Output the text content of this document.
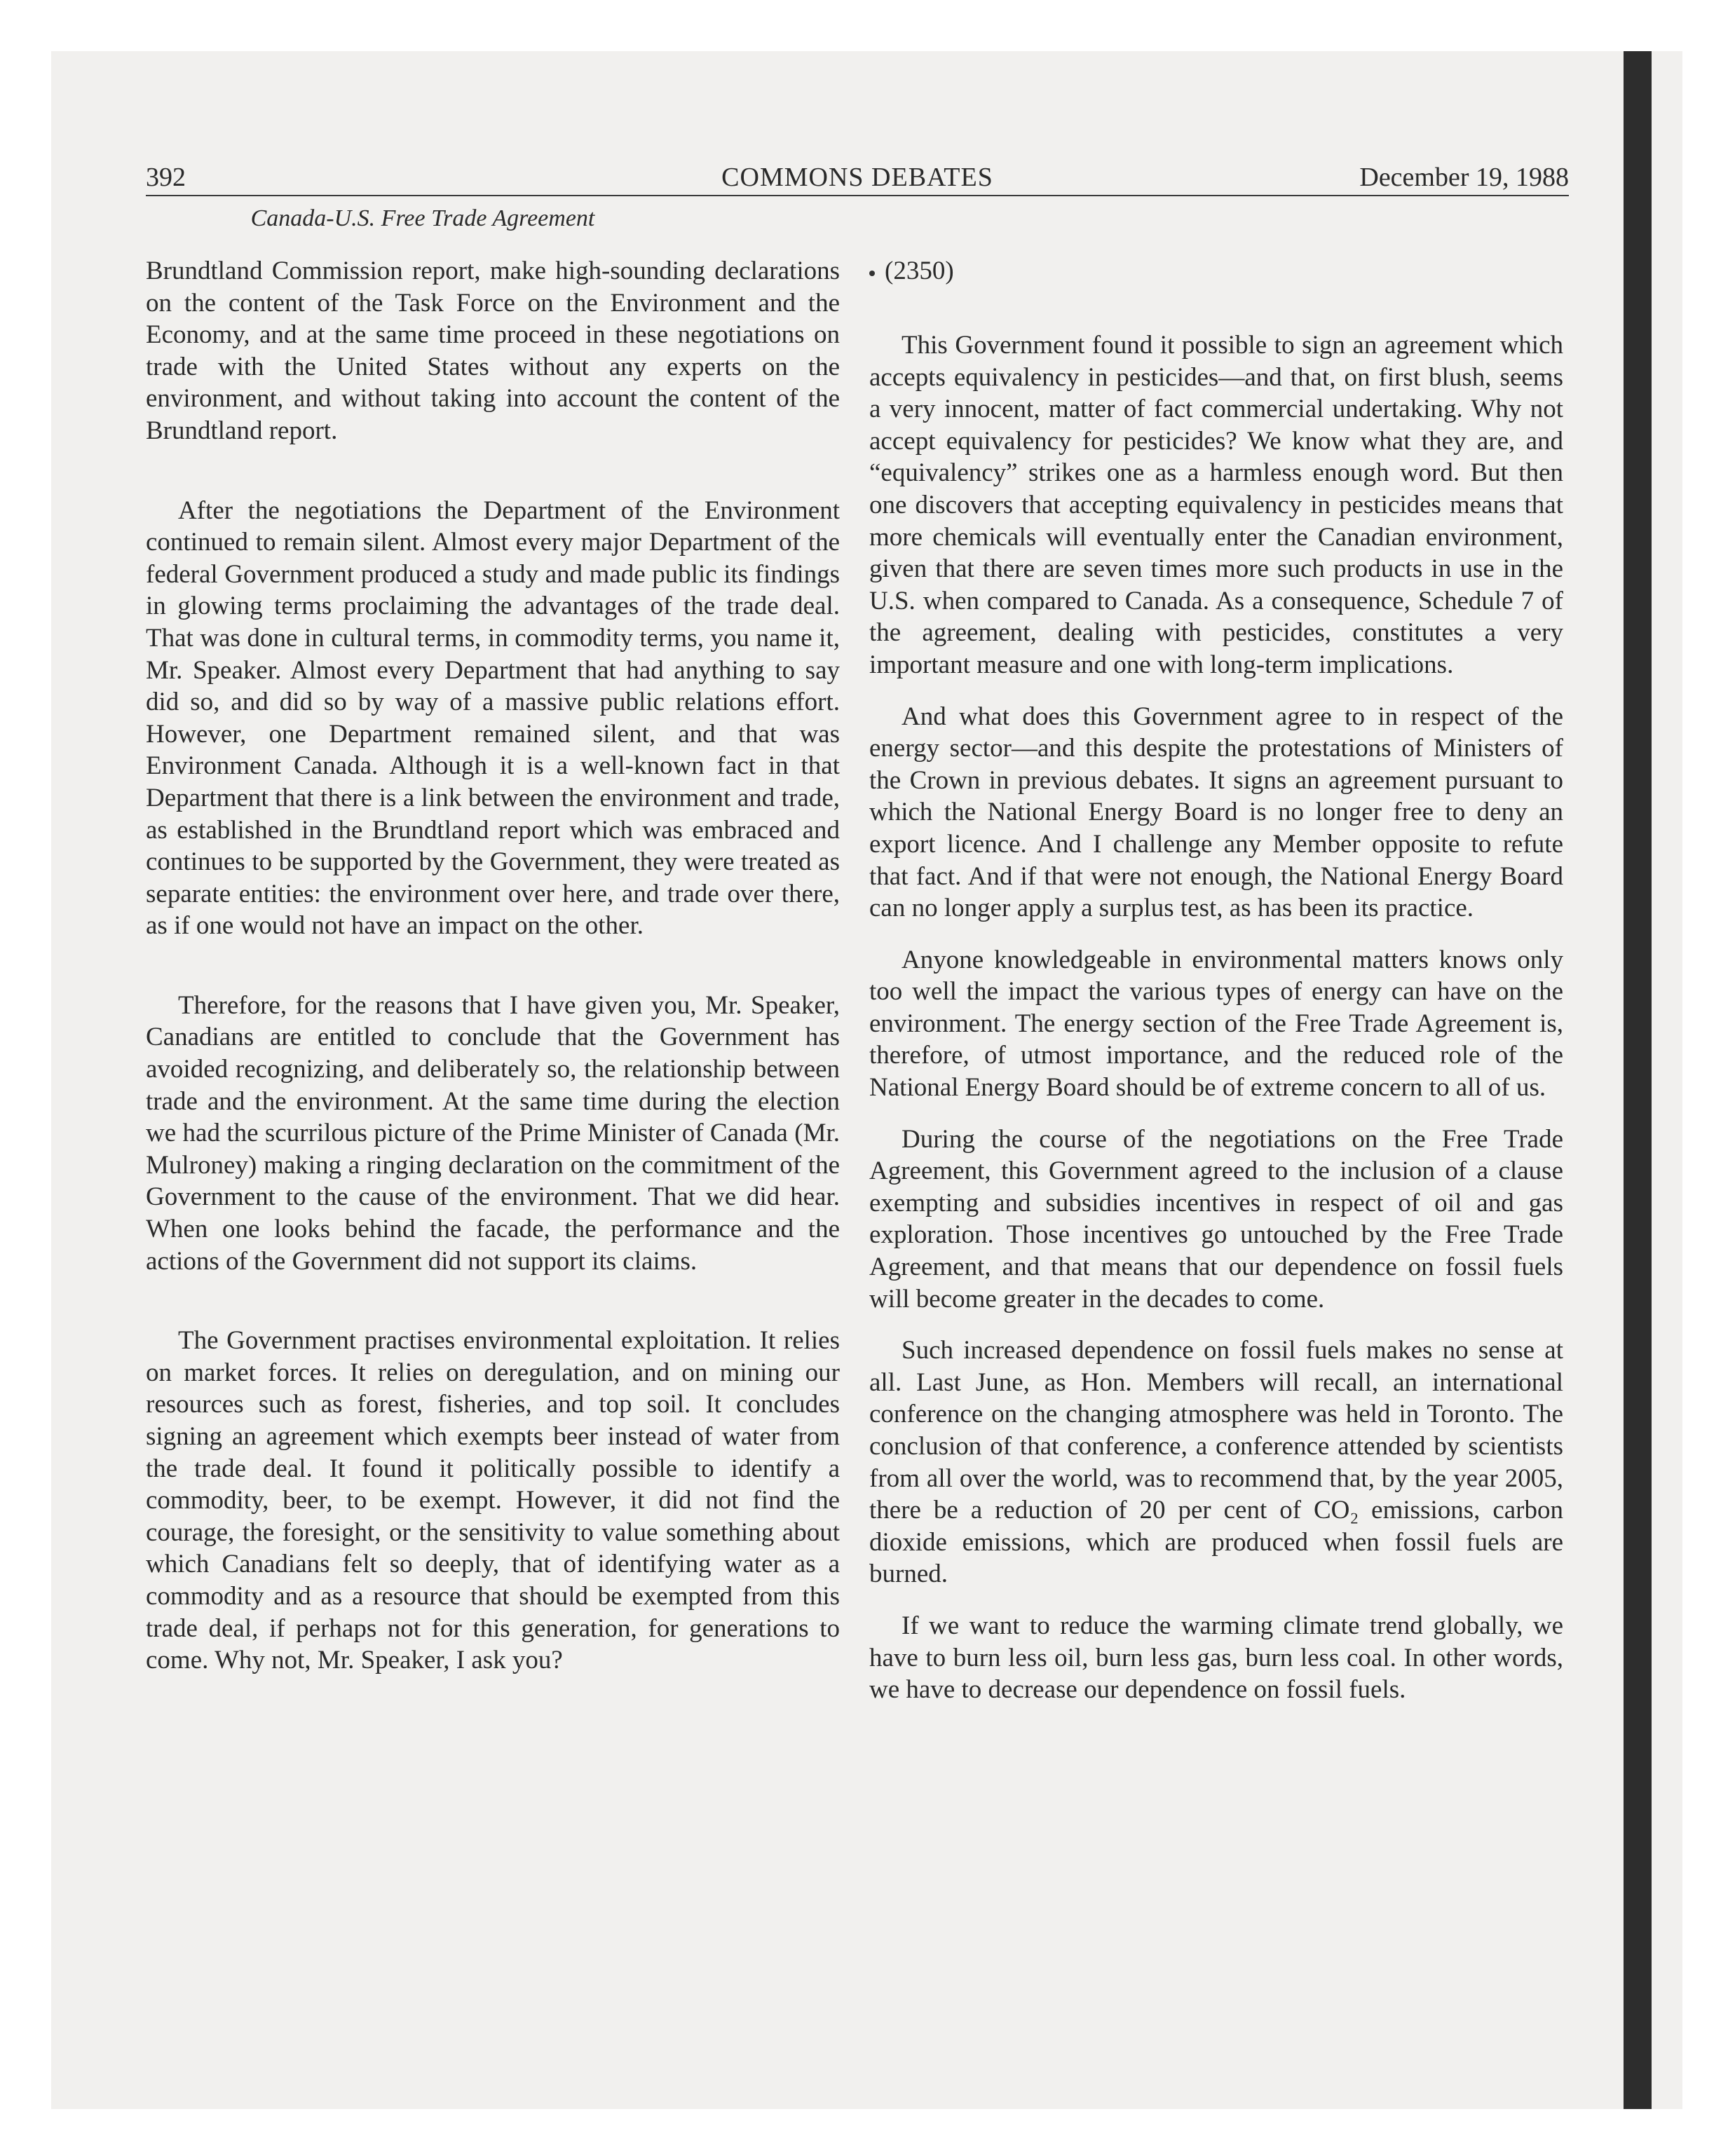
392	COMMONS DEBATES	December 19, 1988
Canada-U.S. Free Trade Agreement

Brundtland Commission report, make high-sounding declarations on the content of the Task Force on the Environment and the Economy, and at the same time proceed in these negotiations on trade with the United States without any experts on the environment, and without taking into account the content of the Brundtland report.

After the negotiations the Department of the Environment continued to remain silent. Almost every major Department of the federal Government produced a study and made public its findings in glowing terms proclaiming the advantages of the trade deal. That was done in cultural terms, in commodity terms, you name it, Mr. Speaker. Almost every Department that had anything to say did so, and did so by way of a massive public relations effort. However, one Department remained silent, and that was Environment Canada. Although it is a well-known fact in that Department that there is a link between the environment and trade, as established in the Brundtland report which was embraced and continues to be supported by the Government, they were treated as separate entities: the environment over here, and trade over there, as if one would not have an impact on the other.

Therefore, for the reasons that I have given you, Mr. Speaker, Canadians are entitled to conclude that the Government has avoided recognizing, and deliberately so, the relationship between trade and the environment. At the same time during the election we had the scurrilous picture of the Prime Minister of Canada (Mr. Mulroney) making a ringing declaration on the commitment of the Government to the cause of the environment. That we did hear. When one looks behind the facade, the performance and the actions of the Government did not support its claims.

The Government practises environmental exploitation. It relies on market forces. It relies on deregulation, and on mining our resources such as forest, fisheries, and top soil. It concludes signing an agreement which exempts beer instead of water from the trade deal. It found it politically possible to identify a commodity, beer, to be exempt. However, it did not find the courage, the foresight, or the sensitivity to value something about which Canadians felt so deeply, that of identifying water as a commodity and as a resource that should be exempted from this trade deal, if perhaps not for this generation, for generations to come. Why not, Mr. Speaker, I ask you?

(2350)

This Government found it possible to sign an agreement which accepts equivalency in pesticides—and that, on first blush, seems a very innocent, matter of fact commercial undertaking. Why not accept equivalency for pesticides? We know what they are, and “equivalency” strikes one as a harmless enough word. But then one discovers that accepting equivalency in pesticides means that more chemicals will eventually enter the Canadian environment, given that there are seven times more such products in use in the U.S. when compared to Canada. As a consequence, Schedule 7 of the agreement, dealing with pesticides, constitutes a very important measure and one with long-term implications.

And what does this Government agree to in respect of the energy sector—and this despite the protestations of Ministers of the Crown in previous debates. It signs an agreement pursuant to which the National Energy Board is no longer free to deny an export licence. And I challenge any Member opposite to refute that fact. And if that were not enough, the National Energy Board can no longer apply a surplus test, as has been its practice.

Anyone knowledgeable in environmental matters knows only too well the impact the various types of energy can have on the environment. The energy section of the Free Trade Agreement is, therefore, of utmost importance, and the reduced role of the National Energy Board should be of extreme concern to all of us.

During the course of the negotiations on the Free Trade Agreement, this Government agreed to the inclusion of a clause exempting and subsidies incentives in respect of oil and gas exploration. Those incentives go untouched by the Free Trade Agreement, and that means that our dependence on fossil fuels will become greater in the decades to come.

Such increased dependence on fossil fuels makes no sense at all. Last June, as Hon. Members will recall, an international conference on the changing atmosphere was held in Toronto. The conclusion of that conference, a conference attended by scientists from all over the world, was to recommend that, by the year 2005, there be a reduction of 20 per cent of CO₂ emissions, carbon dioxide emissions, which are produced when fossil fuels are burned.

If we want to reduce the warming climate trend globally, we have to burn less oil, burn less gas, burn less coal. In other words, we have to decrease our dependence on fossil fuels.
